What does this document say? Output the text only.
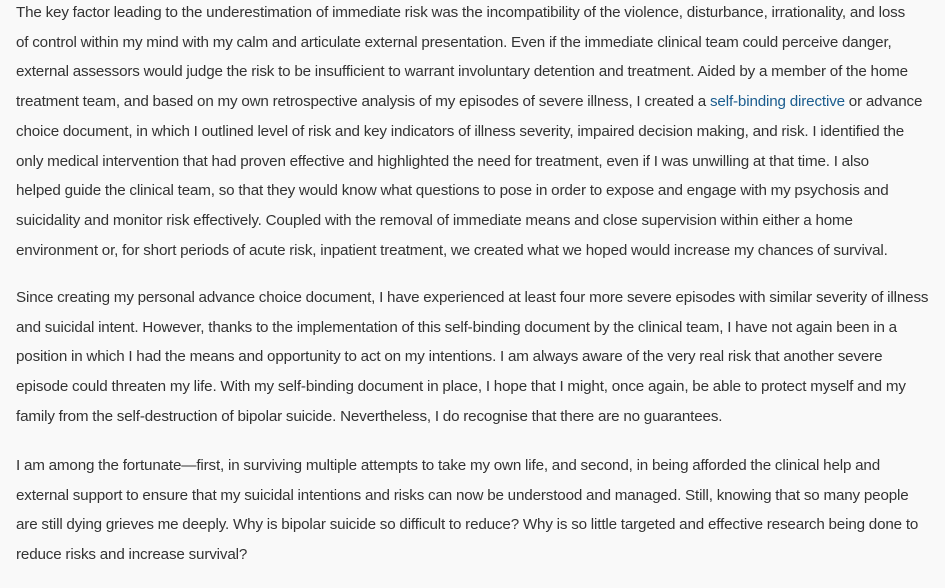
The key factor leading to the underestimation of immediate risk was the incompatibility of the violence, disturbance, irrationality, and loss
of control within my mind with my calm and articulate external presentation. Even if the immediate clinical team could perceive danger,
external assessors would judge the risk to be insufficient to warrant involuntary detention and treatment. Aided by a member of the home
treatment team, and based on my own retrospective analysis of my episodes of severe illness, I created a self-binding directive or advance
choice document, in which I outlined level of risk and key indicators of illness severity, impaired decision making, and risk. I identified the
only medical intervention that had proven effective and highlighted the need for treatment, even if I was unwilling at that time. I also
helped guide the clinical team, so that they would know what questions to pose in order to expose and engage with my psychosis and
suicidality and monitor risk effectively. Coupled with the removal of immediate means and close supervision within either a home
environment or, for short periods of acute risk, inpatient treatment, we created what we hoped would increase my chances of survival.

Since creating my personal advance choice document, I have experienced at least four more severe episodes with similar severity of illness
and suicidal intent. However, thanks to the implementation of this self-binding document by the clinical team, I have not again been in a
position in which I had the means and opportunity to act on my intentions. I am always aware of the very real risk that another severe
episode could threaten my life. With my self-binding document in place, I hope that I might, once again, be able to protect myself and my
family from the self-destruction of bipolar suicide. Nevertheless, I do recognise that there are no guarantees.

I am among the fortunate—first, in surviving multiple attempts to take my own life, and second, in being afforded the clinical help and
external support to ensure that my suicidal intentions and risks can now be understood and managed. Still, knowing that so many people
are still dying grieves me deeply. Why is bipolar suicide so difficult to reduce? Why is so little targeted and effective research being done to
reduce risks and increase survival?
